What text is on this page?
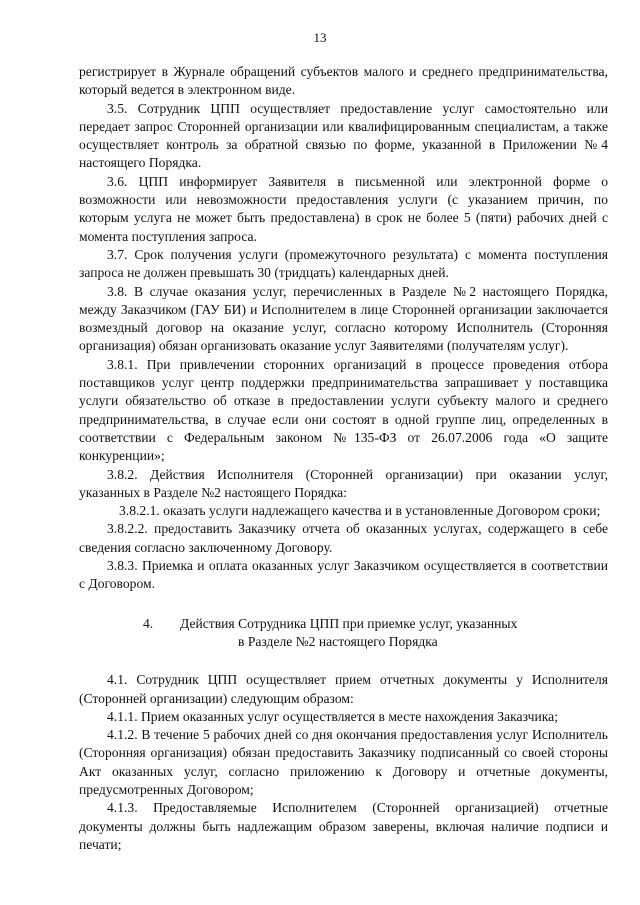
13

регистрирует в Журнале обращений субъектов малого и среднего предпринимательства, который ведется в электронном виде.

3.5. Сотрудник ЦПП осуществляет предоставление услуг самостоятельно или передает запрос Сторонней организации или квалифицированным специалистам, а также осуществляет контроль за обратной связью по форме, указанной в Приложении №4 настоящего Порядка.

3.6. ЦПП информирует Заявителя в письменной или электронной форме о возможности или невозможности предоставления услуги (с указанием причин, по которым услуга не может быть предоставлена) в срок не более 5 (пяти) рабочих дней с момента поступления запроса.

3.7. Срок получения услуги (промежуточного результата) с момента поступления запроса не должен превышать 30 (тридцать) календарных дней.

3.8. В случае оказания услуг, перечисленных в Разделе №2 настоящего Порядка, между Заказчиком (ГАУ БИ) и Исполнителем в лице Сторонней организации заключается возмездный договор на оказание услуг, согласно которому Исполнитель (Сторонняя организация) обязан организовать оказание услуг Заявителями (получателям услуг).

3.8.1. При привлечении сторонних организаций в процессе проведения отбора поставщиков услуг центр поддержки предпринимательства запрашивает у поставщика услуги обязательство об отказе в предоставлении услуги субъекту малого и среднего предпринимательства, в случае если они состоят в одной группе лиц, определенных в соответствии с Федеральным законом №135-ФЗ от 26.07.2006 года «О защите конкуренции»;

3.8.2. Действия Исполнителя (Сторонней организации) при оказании услуг, указанных в Разделе №2 настоящего Порядка:

3.8.2.1. оказать услуги надлежащего качества и в установленные Договором сроки;

3.8.2.2. предоставить Заказчику отчета об оказанных услугах, содержащего в себе сведения согласно заключенному Договору.

3.8.3. Приемка и оплата оказанных услуг Заказчиком осуществляется в соответствии с Договором.

4. Действия Сотрудника ЦПП при приемке услуг, указанных
в Разделе №2 настоящего Порядка

4.1. Сотрудник ЦПП осуществляет прием отчетных документы у Исполнителя (Сторонней организации) следующим образом:

4.1.1. Прием оказанных услуг осуществляется в месте нахождения Заказчика;

4.1.2. В течение 5 рабочих дней со дня окончания предоставления услуг Исполнитель (Сторонняя организация) обязан предоставить Заказчику подписанный со своей стороны Акт оказанных услуг, согласно приложению к Договору и отчетные документы, предусмотренных Договором;

4.1.3. Предоставляемые Исполнителем (Сторонней организацией) отчетные документы должны быть надлежащим образом заверены, включая наличие подписи и печати;
